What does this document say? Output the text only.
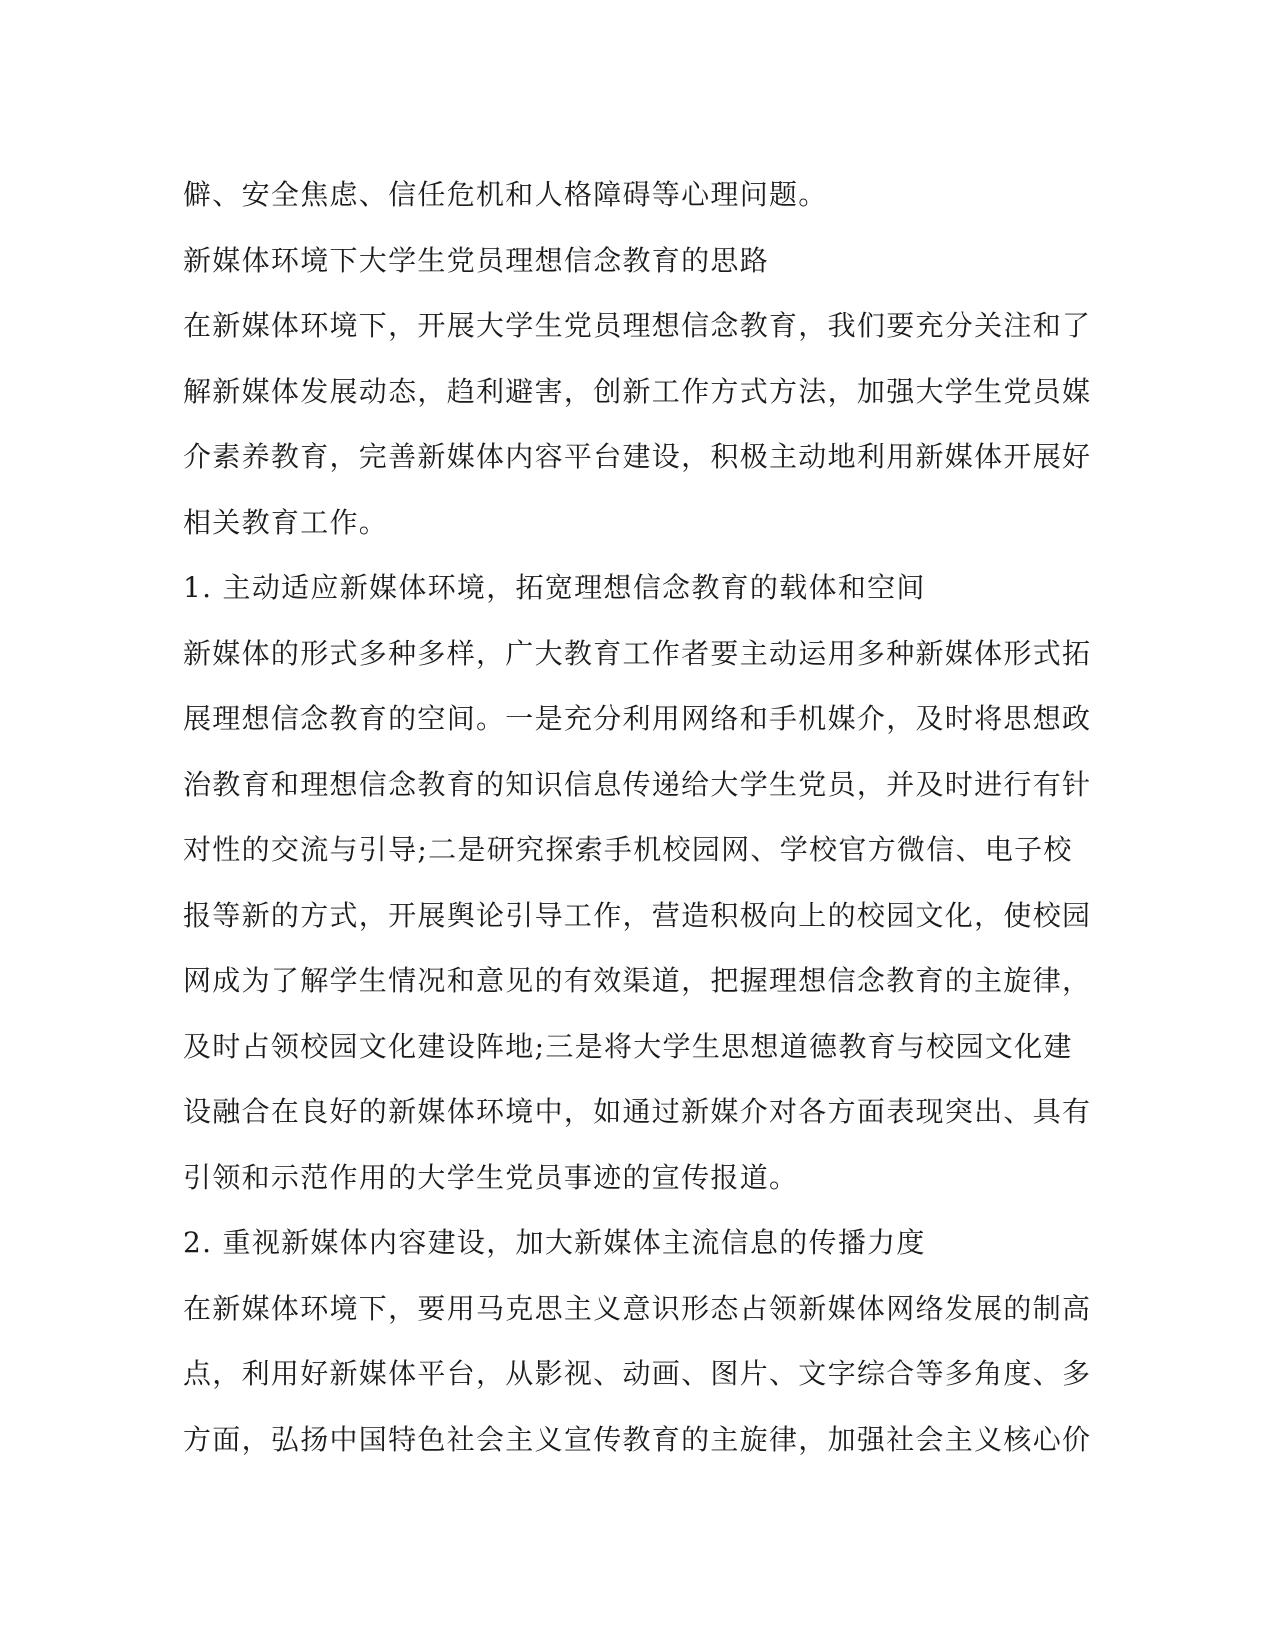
僻、安全焦虑、信任危机和人格障碍等心理问题。
新媒体环境下大学生党员理想信念教育的思路
在新媒体环境下，开展大学生党员理想信念教育，我们要充分关注和了
解新媒体发展动态，趋利避害，创新工作方式方法，加强大学生党员媒
介素养教育，完善新媒体内容平台建设，积极主动地利用新媒体开展好
相关教育工作。
1. 主动适应新媒体环境，拓宽理想信念教育的载体和空间
新媒体的形式多种多样，广大教育工作者要主动运用多种新媒体形式拓
展理想信念教育的空间。一是充分利用网络和手机媒介，及时将思想政
治教育和理想信念教育的知识信息传递给大学生党员，并及时进行有针
对性的交流与引导;二是研究探索手机校园网、学校官方微信、电子校
报等新的方式，开展舆论引导工作，营造积极向上的校园文化，使校园
网成为了解学生情况和意见的有效渠道，把握理想信念教育的主旋律，
及时占领校园文化建设阵地;三是将大学生思想道德教育与校园文化建
设融合在良好的新媒体环境中，如通过新媒介对各方面表现突出、具有
引领和示范作用的大学生党员事迹的宣传报道。
2. 重视新媒体内容建设，加大新媒体主流信息的传播力度
在新媒体环境下，要用马克思主义意识形态占领新媒体网络发展的制高
点，利用好新媒体平台，从影视、动画、图片、文字综合等多角度、多
方面，弘扬中国特色社会主义宣传教育的主旋律，加强社会主义核心价
